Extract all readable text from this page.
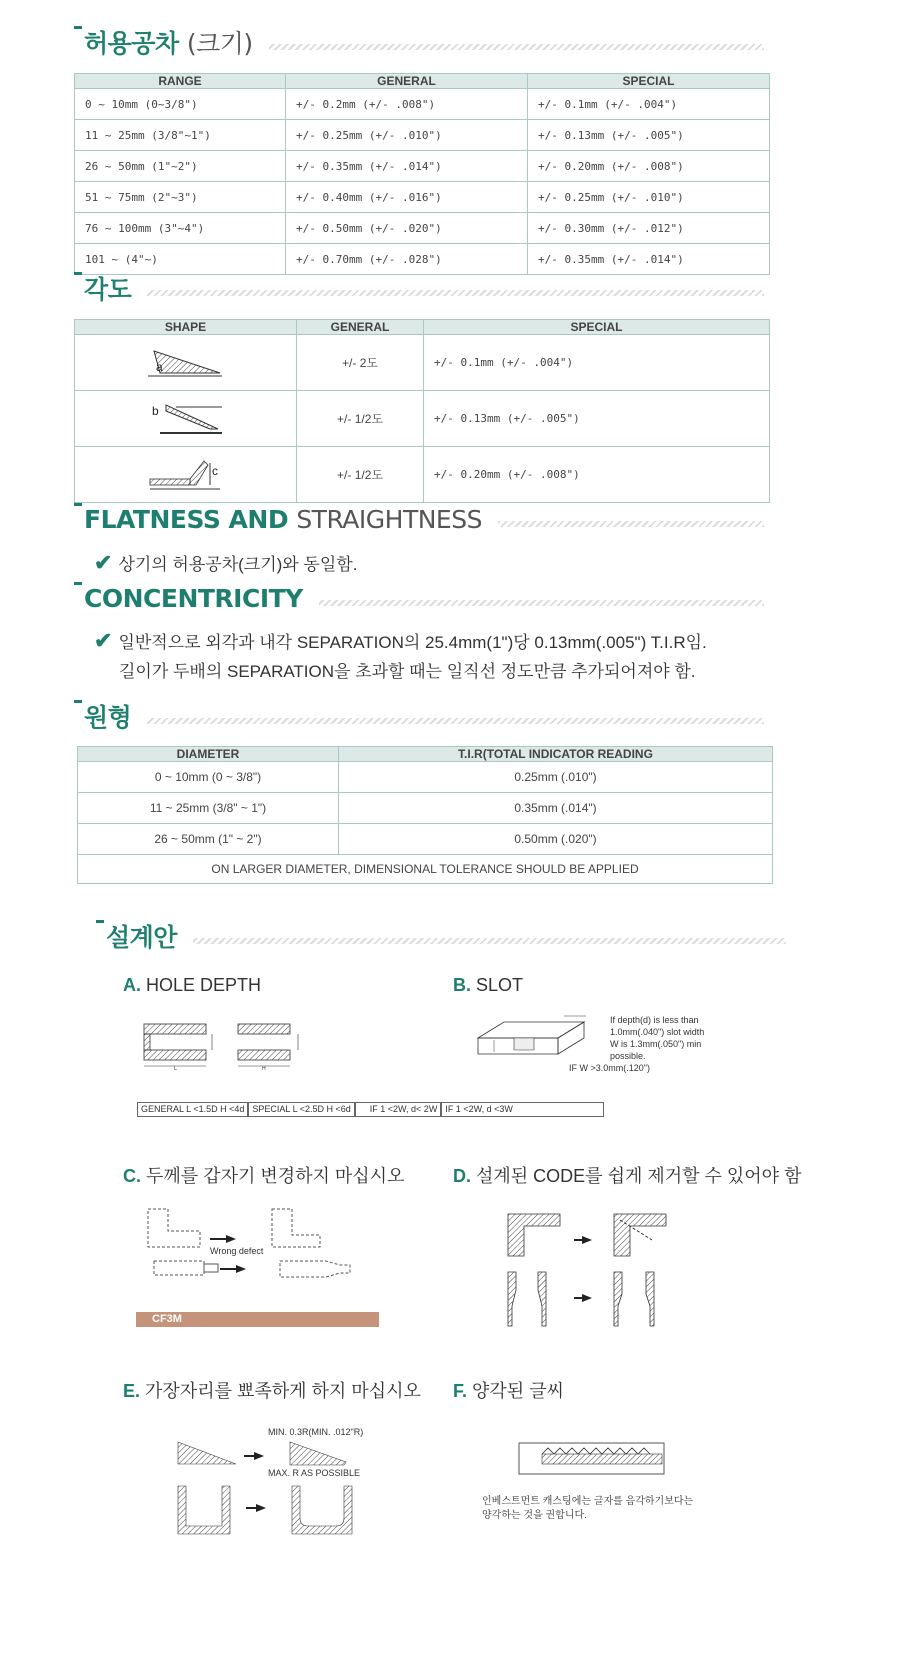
허용공차 (크기)
RANGE	GENERAL	SPECIAL
0 ~ 10mm (0~3/8")	+/- 0.2mm (+/- .008")	+/- 0.1mm (+/- .004")
11 ~ 25mm (3/8"~1")	+/- 0.25mm (+/- .010")	+/- 0.13mm (+/- .005")
26 ~ 50mm (1"~2")	+/- 0.35mm (+/- .014")	+/- 0.20mm (+/- .008")
51 ~ 75mm (2"~3")	+/- 0.40mm (+/- .016")	+/- 0.25mm (+/- .010")
76 ~ 100mm (3"~4")	+/- 0.50mm (+/- .020")	+/- 0.30mm (+/- .012")
101 ~ (4"~)	+/- 0.70mm (+/- .028")	+/- 0.35mm (+/- .014")
각도
SHAPE	GENERAL	SPECIAL

a	+/- 2도	+/- 0.1mm (+/- .004")

b	+/- 1/2도	+/- 0.13mm (+/- .005")

c	+/- 1/2도	+/- 0.20mm (+/- .008")
FLATNESS AND STRAIGHTNESS
✔ 상기의 허용공차(크기)와 동일함.
CONCENTRICITY
✔ 일반적으로 외각과 내각 SEPARATION의 25.4mm(1")당 0.13mm(.005") T.I.R임.
길이가 두배의 SEPARATION을 초과할 때는 일직선 정도만큼 추가되어져야 함.
원형
DIAMETER	T.I.R(TOTAL INDICATOR READING
0 ~ 10mm (0 ~ 3/8")	0.25mm (.010")
11 ~ 25mm (3/8" ~ 1")	0.35mm (.014")
26 ~ 50mm (1" ~ 2")	0.50mm (.020")
ON LARGER DIAMETER, DIMENSIONAL TOLERANCE SHOULD BE APPLIED	
설계안
A. HOLE DEPTH
L	H
B. SLOT
If depth(d) is less than
1.0mm(.040") slot width
W is 1.3mm(.050") min
possible.
IF W >3.0mm(.120")
GENERAL L <1.5D H <4d SPECIAL L <2.5D H <6d	IF 1 <2W, d< 2W IF 1 <2W, d <3W
C. 두께를 갑자기 변경하지 마십시오
Wrong defect
CF3M
D. 설계된 CODE를 쉽게 제거할 수 있어야 함
E. 가장자리를 뾰족하게 하지 마십시오
MIN. 0.3R(MIN. .012"R)
MAX. R AS POSSIBLE
F. 양각된 글씨
인베스트먼트 캐스팅에는 글자를 음각하기보다는
양각하는 것을 권합니다.
